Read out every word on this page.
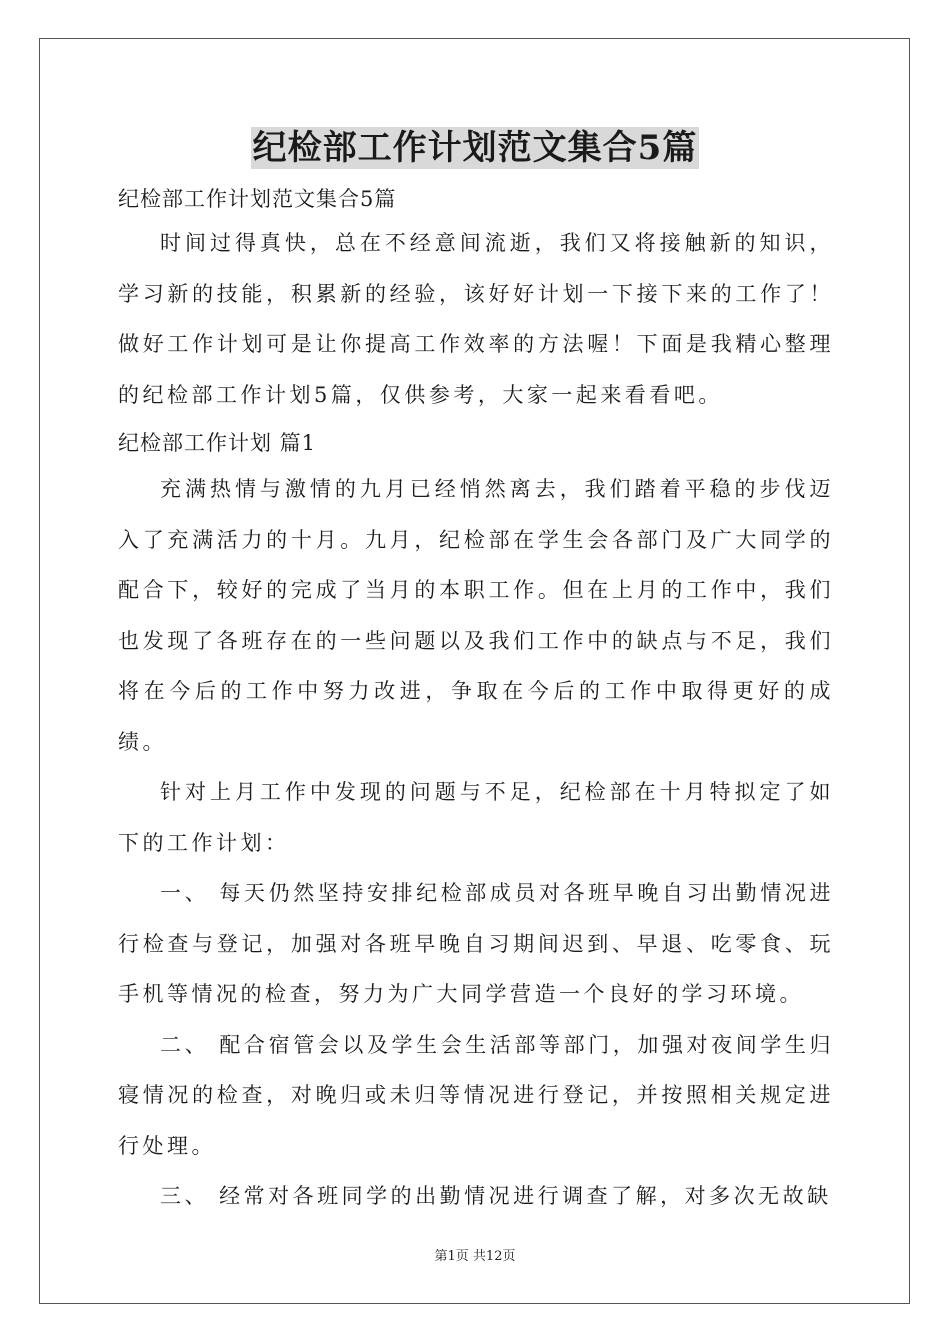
纪检部工作计划范文集合5篇

纪检部工作计划范文集合5篇

时间过得真快，总在不经意间流逝，我们又将接触新的知识，学习新的技能，积累新的经验，该好好计划一下接下来的工作了！做好工作计划可是让你提高工作效率的方法喔！下面是我精心整理的纪检部工作计划5篇，仅供参考，大家一起来看看吧。

纪检部工作计划 篇1

充满热情与激情的九月已经悄然离去，我们踏着平稳的步伐迈入了充满活力的十月。九月，纪检部在学生会各部门及广大同学的配合下，较好的完成了当月的本职工作。但在上月的工作中，我们也发现了各班存在的一些问题以及我们工作中的缺点与不足，我们将在今后的工作中努力改进，争取在今后的工作中取得更好的成绩。

针对上月工作中发现的问题与不足，纪检部在十月特拟定了如下的工作计划：

一、 每天仍然坚持安排纪检部成员对各班早晚自习出勤情况进行检查与登记，加强对各班早晚自习期间迟到、早退、吃零食、玩手机等情况的检查，努力为广大同学营造一个良好的学习环境。

二、 配合宿管会以及学生会生活部等部门，加强对夜间学生归寝情况的检查，对晚归或未归等情况进行登记，并按照相关规定进行处理。

三、 经常对各班同学的出勤情况进行调查了解，对多次无故缺

第1页 共12页
